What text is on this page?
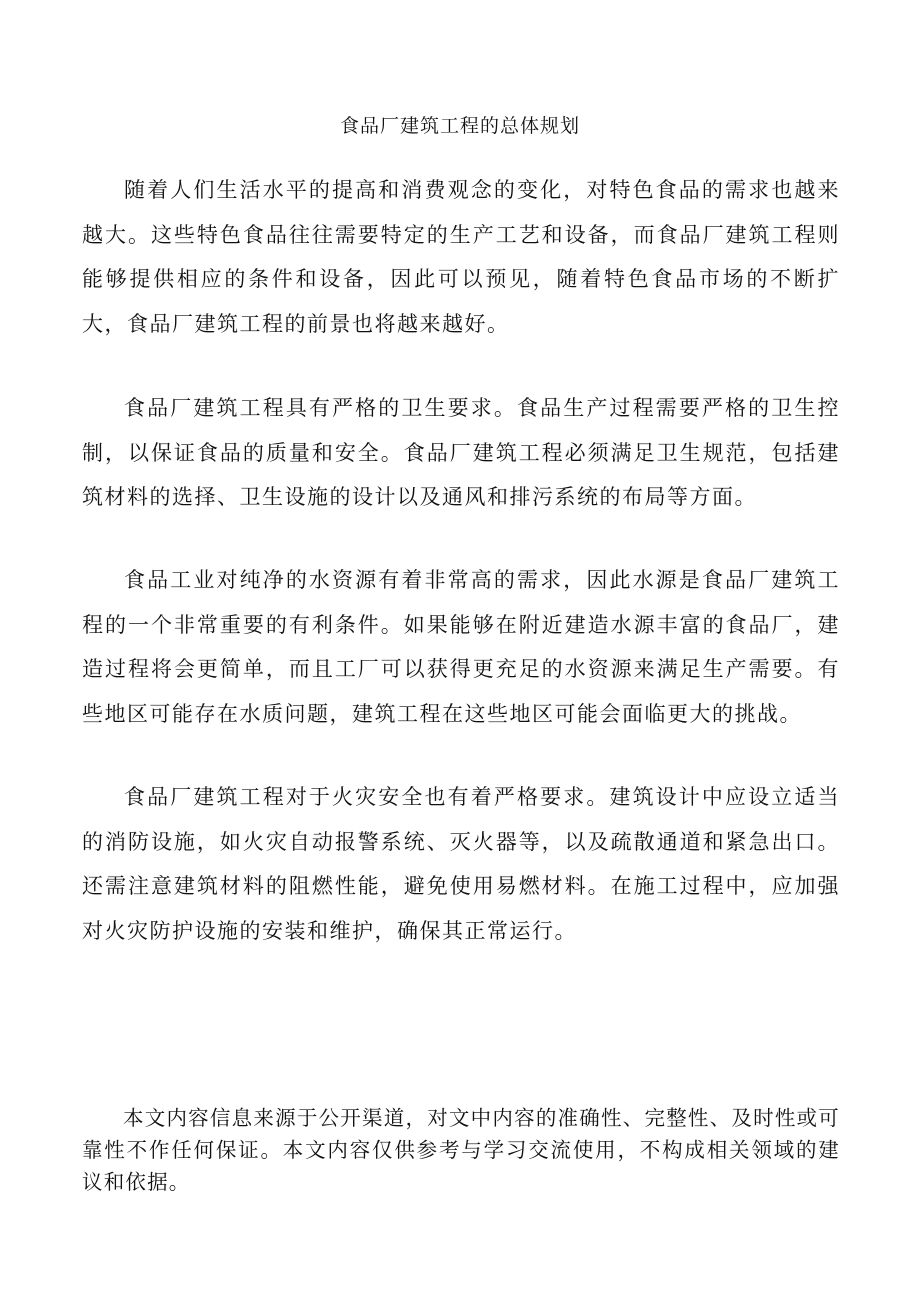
食品厂建筑工程的总体规划

随着人们生活水平的提高和消费观念的变化，对特色食品的需求也越来越大。这些特色食品往往需要特定的生产工艺和设备，而食品厂建筑工程则能够提供相应的条件和设备，因此可以预见，随着特色食品市场的不断扩大，食品厂建筑工程的前景也将越来越好。

食品厂建筑工程具有严格的卫生要求。食品生产过程需要严格的卫生控制，以保证食品的质量和安全。食品厂建筑工程必须满足卫生规范，包括建筑材料的选择、卫生设施的设计以及通风和排污系统的布局等方面。

食品工业对纯净的水资源有着非常高的需求，因此水源是食品厂建筑工程的一个非常重要的有利条件。如果能够在附近建造水源丰富的食品厂，建造过程将会更简单，而且工厂可以获得更充足的水资源来满足生产需要。有些地区可能存在水质问题，建筑工程在这些地区可能会面临更大的挑战。

食品厂建筑工程对于火灾安全也有着严格要求。建筑设计中应设立适当的消防设施，如火灾自动报警系统、灭火器等，以及疏散通道和紧急出口。还需注意建筑材料的阻燃性能，避免使用易燃材料。在施工过程中，应加强对火灾防护设施的安装和维护，确保其正常运行。

本文内容信息来源于公开渠道，对文中内容的准确性、完整性、及时性或可靠性不作任何保证。本文内容仅供参考与学习交流使用，不构成相关领域的建议和依据。
